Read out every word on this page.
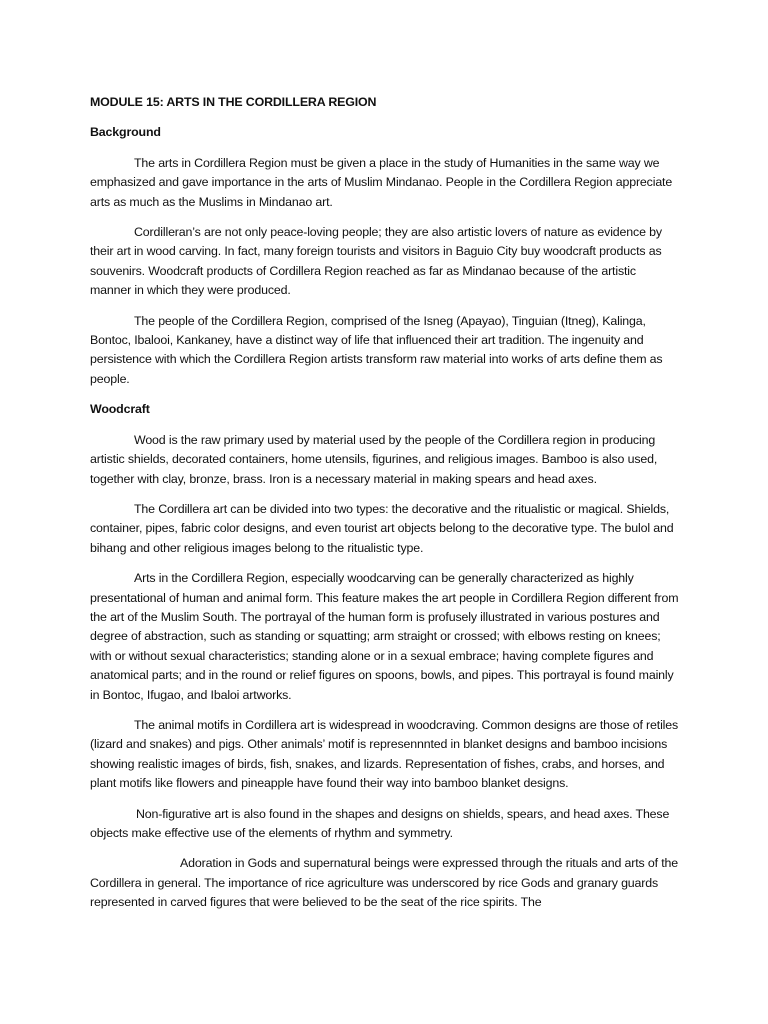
MODULE 15: ARTS IN THE CORDILLERA REGION
Background

The arts in Cordillera Region must be given a place in the study of Humanities in the same way we emphasized and gave importance in the arts of Muslim Mindanao. People in the Cordillera Region appreciate arts as much as the Muslims in Mindanao art.

Cordilleran’s are not only peace-loving people; they are also artistic lovers of nature as evidence by their art in wood carving. In fact, many foreign tourists and visitors in Baguio City buy woodcraft products as souvenirs. Woodcraft products of Cordillera Region reached as far as Mindanao because of the artistic manner in which they were produced.

The people of the Cordillera Region, comprised of the Isneg (Apayao), Tinguian (Itneg), Kalinga, Bontoc, Ibalooi, Kankaney, have a distinct way of life that influenced their art tradition. The ingenuity and persistence with which the Cordillera Region artists transform raw material into works of arts define them as people.

Woodcraft

Wood is the raw primary used by material used by the people of the Cordillera region in producing artistic shields, decorated containers, home utensils, figurines, and religious images. Bamboo is also used, together with clay, bronze, brass. Iron is a necessary material in making spears and head axes.

The Cordillera art can be divided into two types: the decorative and the ritualistic or magical. Shields, container, pipes, fabric color designs, and even tourist art objects belong to the decorative type. The bulol and bihang and other religious images belong to the ritualistic type.

Arts in the Cordillera Region, especially woodcarving can be generally characterized as highly presentational of human and animal form. This feature makes the art people in Cordillera Region different from the art of the Muslim South. The portrayal of the human form is profusely illustrated in various postures and degree of abstraction, such as standing or squatting; arm straight or crossed; with elbows resting on knees; with or without sexual characteristics; standing alone or in a sexual embrace; having complete figures and anatomical parts; and in the round or relief figures on spoons, bowls, and pipes. This portrayal is found mainly in Bontoc, Ifugao, and Ibaloi artworks.

The animal motifs in Cordillera art is widespread in woodcraving. Common designs are those of retiles (lizard and snakes) and pigs. Other animals’ motif is represennnted in blanket designs and bamboo incisions showing realistic images of birds, fish, snakes, and lizards. Representation of fishes, crabs, and horses, and plant motifs like flowers and pineapple have found their way into bamboo blanket designs.

Non-figurative art is also found in the shapes and designs on shields, spears, and head axes. These objects make effective use of the elements of rhythm and symmetry.

Adoration in Gods and supernatural beings were expressed through the rituals and arts of the Cordillera in general. The importance of rice agriculture was underscored by rice Gods and granary guards represented in carved figures that were believed to be the seat of the rice spirits. The
